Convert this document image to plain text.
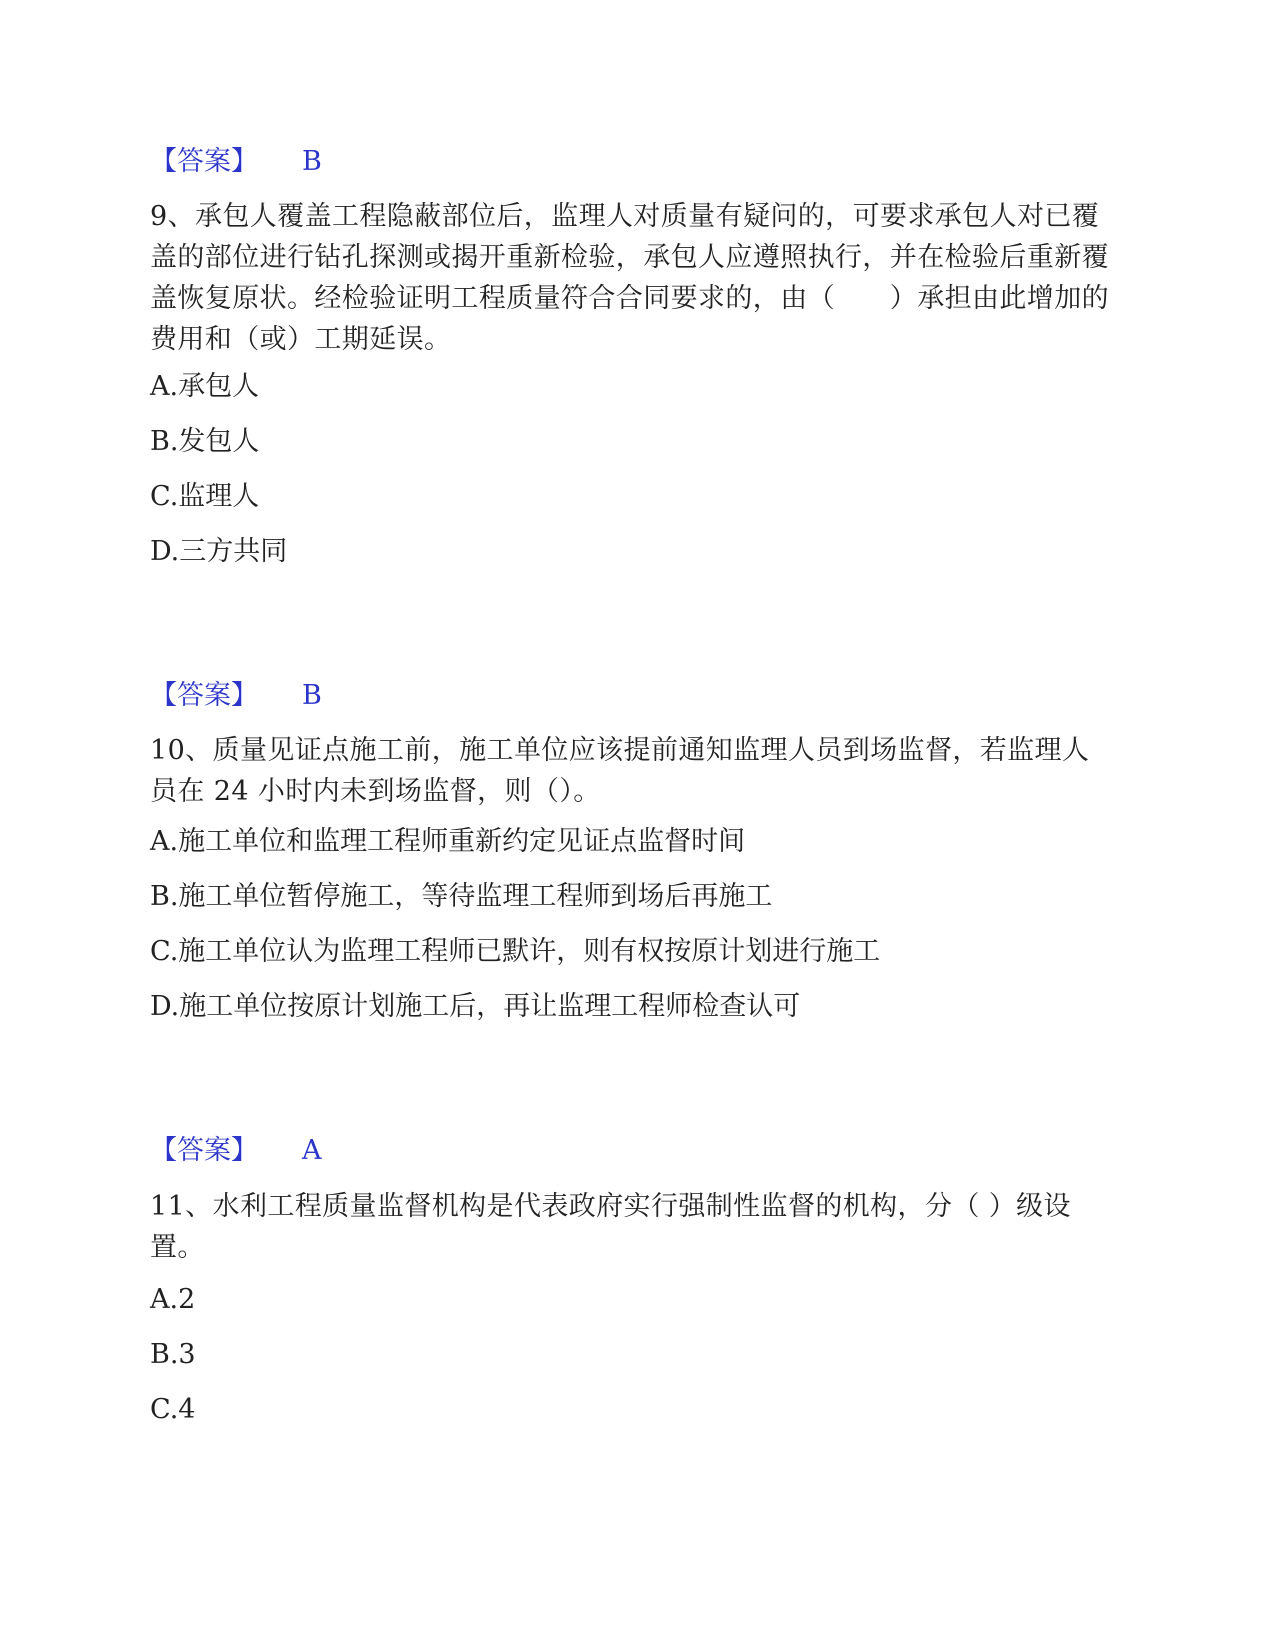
【答案】 B

9、承包人覆盖工程隐蔽部位后，监理人对质量有疑问的，可要求承包人对已覆盖的部位进行钻孔探测或揭开重新检验，承包人应遵照执行，并在检验后重新覆盖恢复原状。经检验证明工程质量符合合同要求的，由（　　）承担由此增加的费用和（或）工期延误。

A.承包人
B.发包人
C.监理人
D.三方共同
【答案】 B

10、质量见证点施工前，施工单位应该提前通知监理人员到场监督，若监理人员在 24 小时内未到场监督，则（）。

A.施工单位和监理工程师重新约定见证点监督时间
B.施工单位暂停施工，等待监理工程师到场后再施工
C.施工单位认为监理工程师已默许，则有权按原计划进行施工
D.施工单位按原计划施工后，再让监理工程师检查认可
【答案】 A

11、水利工程质量监督机构是代表政府实行强制性监督的机构，分（ ）级设置。

A.2
B.3
C.4
